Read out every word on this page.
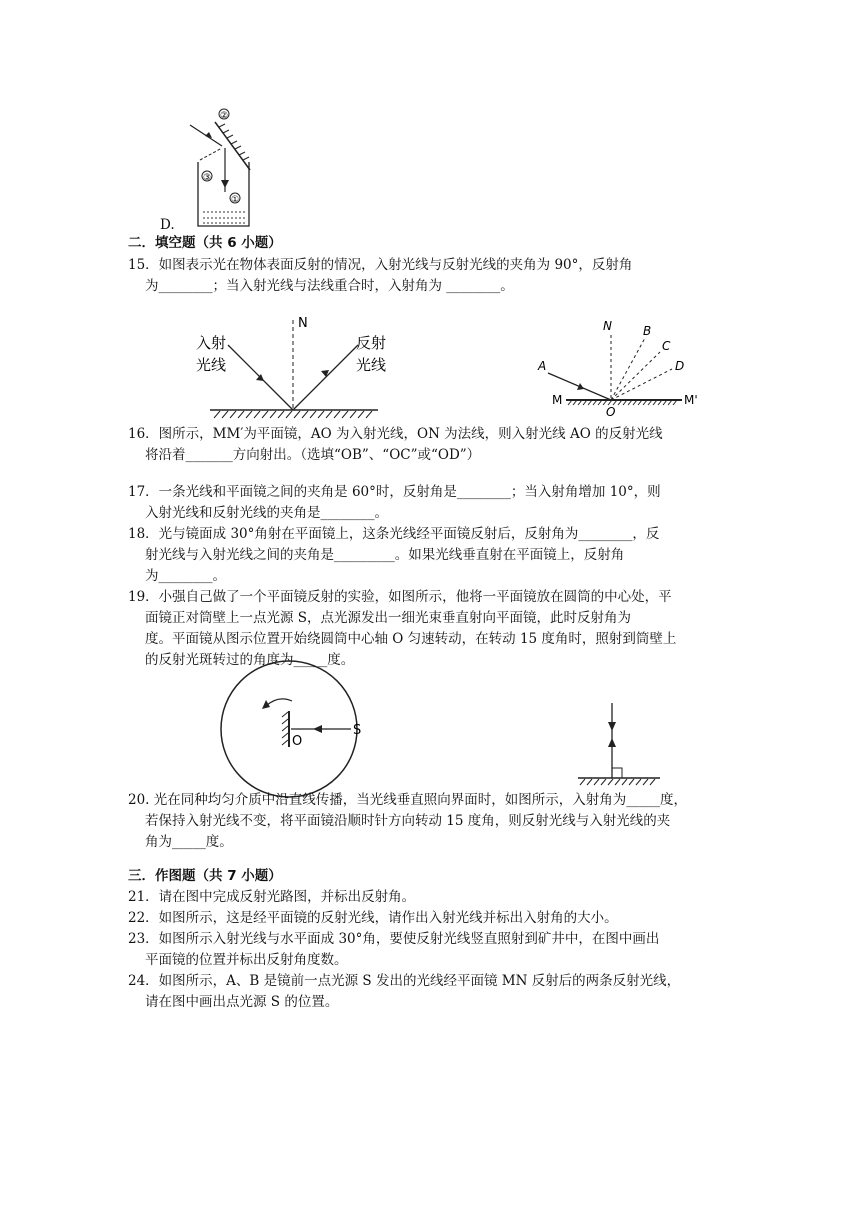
②
③
①
D.
二．填空题（共 6 小题）
15．如图表示光在物体表面反射的情况，入射光线与反射光线的夹角为 90°，反射角
为________；当入射光线与法线重合时，入射角为 ________。
N
入射
光线
反射
光线
N	B
C
D
A
M
O
M'
16．图所示，MM′为平面镜，AO 为入射光线，ON 为法线，则入射光线 AO 的反射光线
将沿着_______方向射出。（选填“OB”、“OC”或“OD”）
17．一条光线和平面镜之间的夹角是 60°时，反射角是________；当入射角增加 10°，则
入射光线和反射光线的夹角是________。
18．光与镜面成 30°角射在平面镜上，这条光线经平面镜反射后，反射角为________，反
射光线与入射光线之间的夹角是_________。如果光线垂直射在平面镜上，反射角
为________。
19．小强自己做了一个平面镜反射的实验，如图所示，他将一平面镜放在圆筒的中心处，平
面镜正对筒壁上一点光源 S，点光源发出一细光束垂直射向平面镜，此时反射角为
度。平面镜从图示位置开始绕圆筒中心轴 O 匀速转动，在转动 15 度角时，照射到筒壁上
的反射光斑转过的角度为_____度。
O
S
20. 光在同种均匀介质中沿直线传播，当光线垂直照向界面时，如图所示，入射角为_____度，
若保持入射光线不变，将平面镜沿顺时针方向转动 15 度角，则反射光线与入射光线的夹
角为_____度。
三．作图题（共 7 小题）
21．请在图中完成反射光路图，并标出反射角。
22．如图所示，这是经平面镜的反射光线，请作出入射光线并标出入射角的大小。
23．如图所示入射光线与水平面成 30°角，要使反射光线竖直照射到矿井中，在图中画出
平面镜的位置并标出反射角度数。
24．如图所示，A、B 是镜前一点光源 S 发出的光线经平面镜 MN 反射后的两条反射光线，
请在图中画出点光源 S 的位置。
